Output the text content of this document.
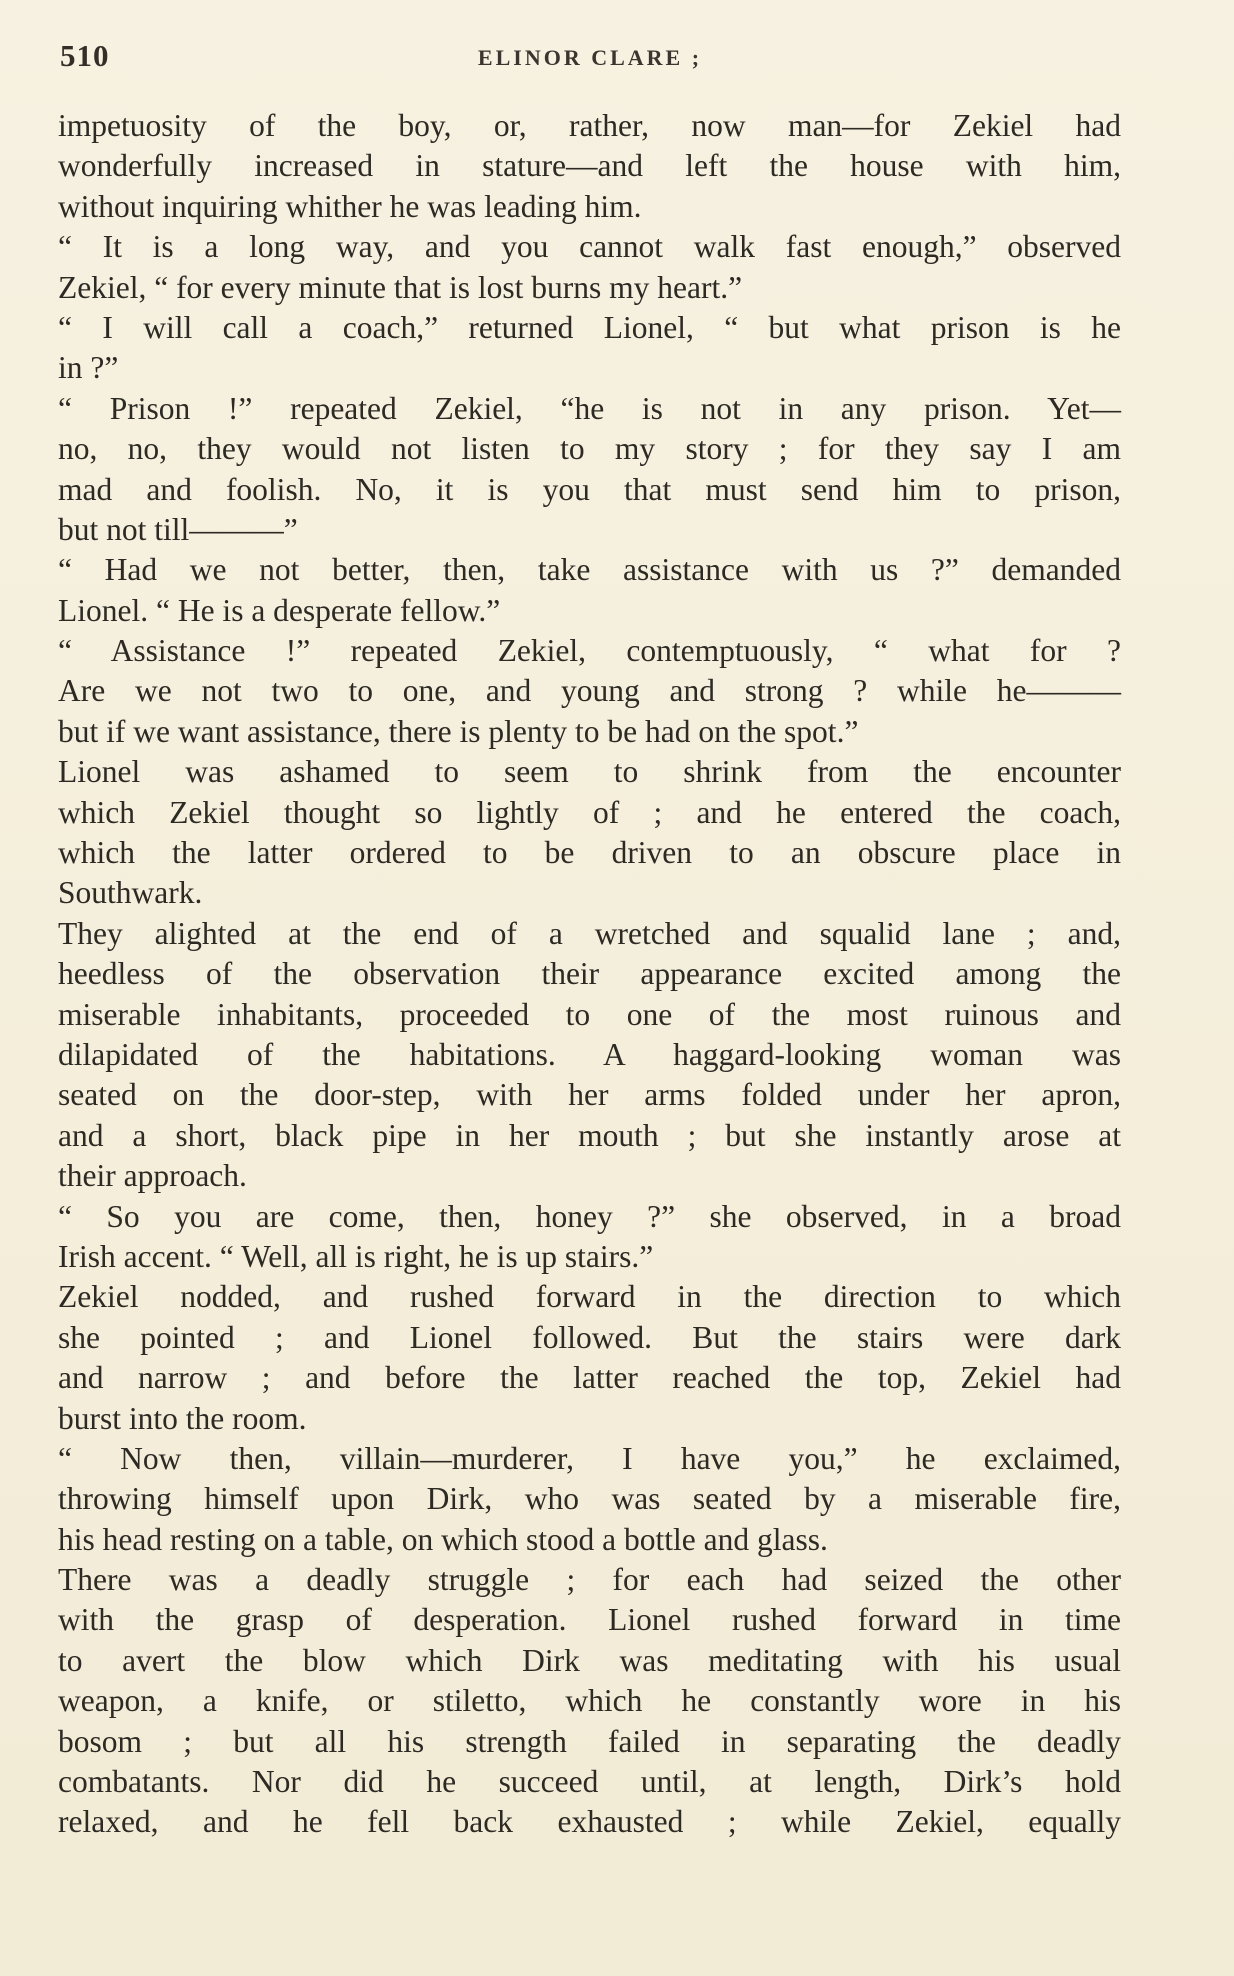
510	ELINOR CLARE ;
impetuosity of the boy, or, rather, now man—for Zekiel had
wonderfully increased in stature—and left the house with him,
without inquiring whither he was leading him.
“ It is a long way, and you cannot walk fast enough,” observed
Zekiel, “ for every minute that is lost burns my heart.”
“ I will call a coach,” returned Lionel, “ but what prison is he
in ?”
“ Prison !” repeated Zekiel, “he is not in any prison. Yet—
no, no, they would not listen to my story ; for they say I am
mad and foolish. No, it is you that must send him to prison,
but not till———”
“ Had we not better, then, take assistance with us ?” demanded
Lionel. “ He is a desperate fellow.”
“ Assistance !” repeated Zekiel, contemptuously, “ what for ?
Are we not two to one, and young and strong ? while he———
but if we want assistance, there is plenty to be had on the spot.”
Lionel was ashamed to seem to shrink from the encounter
which Zekiel thought so lightly of ; and he entered the coach,
which the latter ordered to be driven to an obscure place in
Southwark.
They alighted at the end of a wretched and squalid lane ; and,
heedless of the observation their appearance excited among the
miserable inhabitants, proceeded to one of the most ruinous and
dilapidated of the habitations. A haggard-looking woman was
seated on the door-step, with her arms folded under her apron,
and a short, black pipe in her mouth ; but she instantly arose at
their approach.
“ So you are come, then, honey ?” she observed, in a broad
Irish accent. “ Well, all is right, he is up stairs.”
Zekiel nodded, and rushed forward in the direction to which
she pointed ; and Lionel followed. But the stairs were dark
and narrow ; and before the latter reached the top, Zekiel had
burst into the room.
“ Now then, villain—murderer, I have you,” he exclaimed,
throwing himself upon Dirk, who was seated by a miserable fire,
his head resting on a table, on which stood a bottle and glass.
There was a deadly struggle ; for each had seized the other
with the grasp of desperation. Lionel rushed forward in time
to avert the blow which Dirk was meditating with his usual
weapon, a knife, or stiletto, which he constantly wore in his
bosom ; but all his strength failed in separating the deadly
combatants. Nor did he succeed until, at length, Dirk’s hold
relaxed, and he fell back exhausted ; while Zekiel, equally
